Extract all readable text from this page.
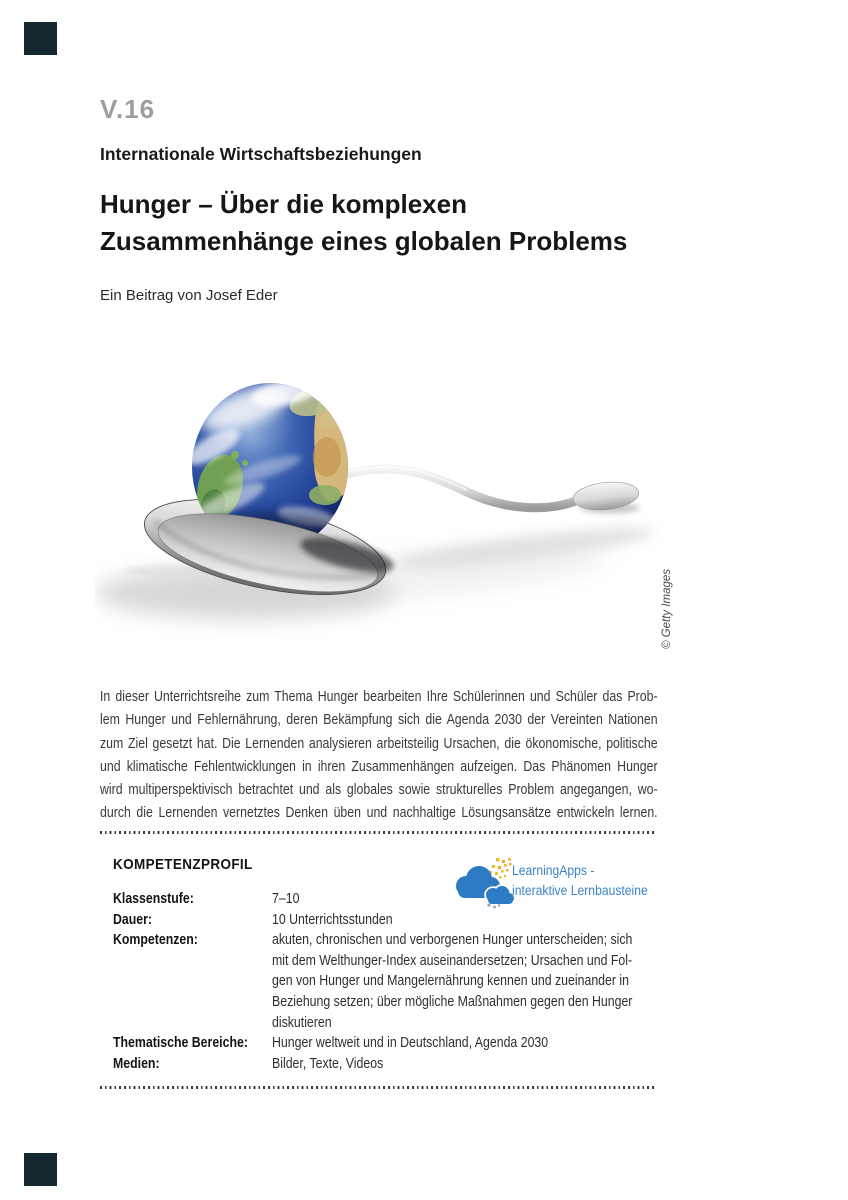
V.16
Internationale Wirtschaftsbeziehungen
Hunger – Über die komplexen
Zusammenhänge eines globalen Problems
Ein Beitrag von Josef Eder
© Getty Images
In dieser Unterrichtsreihe zum Thema Hunger bearbeiten Ihre Schülerinnen und Schüler das Prob-
lem Hunger und Fehlernährung, deren Bekämpfung sich die Agenda 2030 der Vereinten Nationen
zum Ziel gesetzt hat. Die Lernenden analysieren arbeitsteilig Ursachen, die ökonomische, politische
und klimatische Fehlentwicklungen in ihren Zusammenhängen aufzeigen. Das Phänomen Hunger
wird multiperspektivisch betrachtet und als globales sowie strukturelles Problem angegangen, wo-
durch die Lernenden vernetztes Denken üben und nachhaltige Lösungsansätze entwickeln lernen.
KOMPETENZPROFIL	LearningApps -
interaktive Lernbausteine
Klassenstufe:	7–10
Dauer:	10 Unterrichtsstunden
Kompetenzen:	akuten, chronischen und verborgenen Hunger unterscheiden; sich
mit dem Welthunger-Index auseinandersetzen; Ursachen und Fol-
gen von Hunger und Mangelernährung kennen und zueinander in
Beziehung setzen; über mögliche Maßnahmen gegen den Hunger
diskutieren
Thematische Bereiche:	Hunger weltweit und in Deutschland, Agenda 2030
Medien:	Bilder, Texte, Videos
